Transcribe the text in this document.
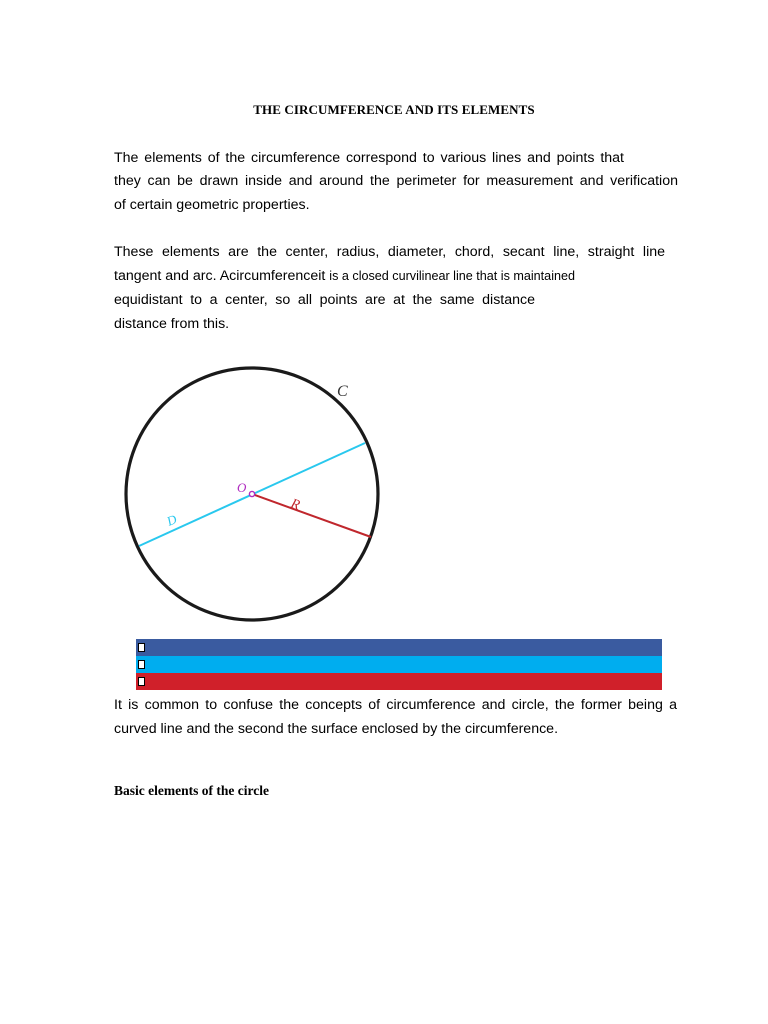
THE CIRCUMFERENCE AND ITS ELEMENTS
The elements of the circumference correspond to various lines and points that
they can be drawn inside and around the perimeter for measurement and verification
of certain geometric properties.
These elements are the center, radius, diameter, chord, secant line, straight line
tangent and arc. Acircumferenceit is a closed curvilinear line that is maintained
equidistant to a center, so all points are at the same distance
distance from this.
C
O
R
D
It is common to confuse the concepts of circumference and circle, the former being a
curved line and the second the surface enclosed by the circumference.
Basic elements of the circle
